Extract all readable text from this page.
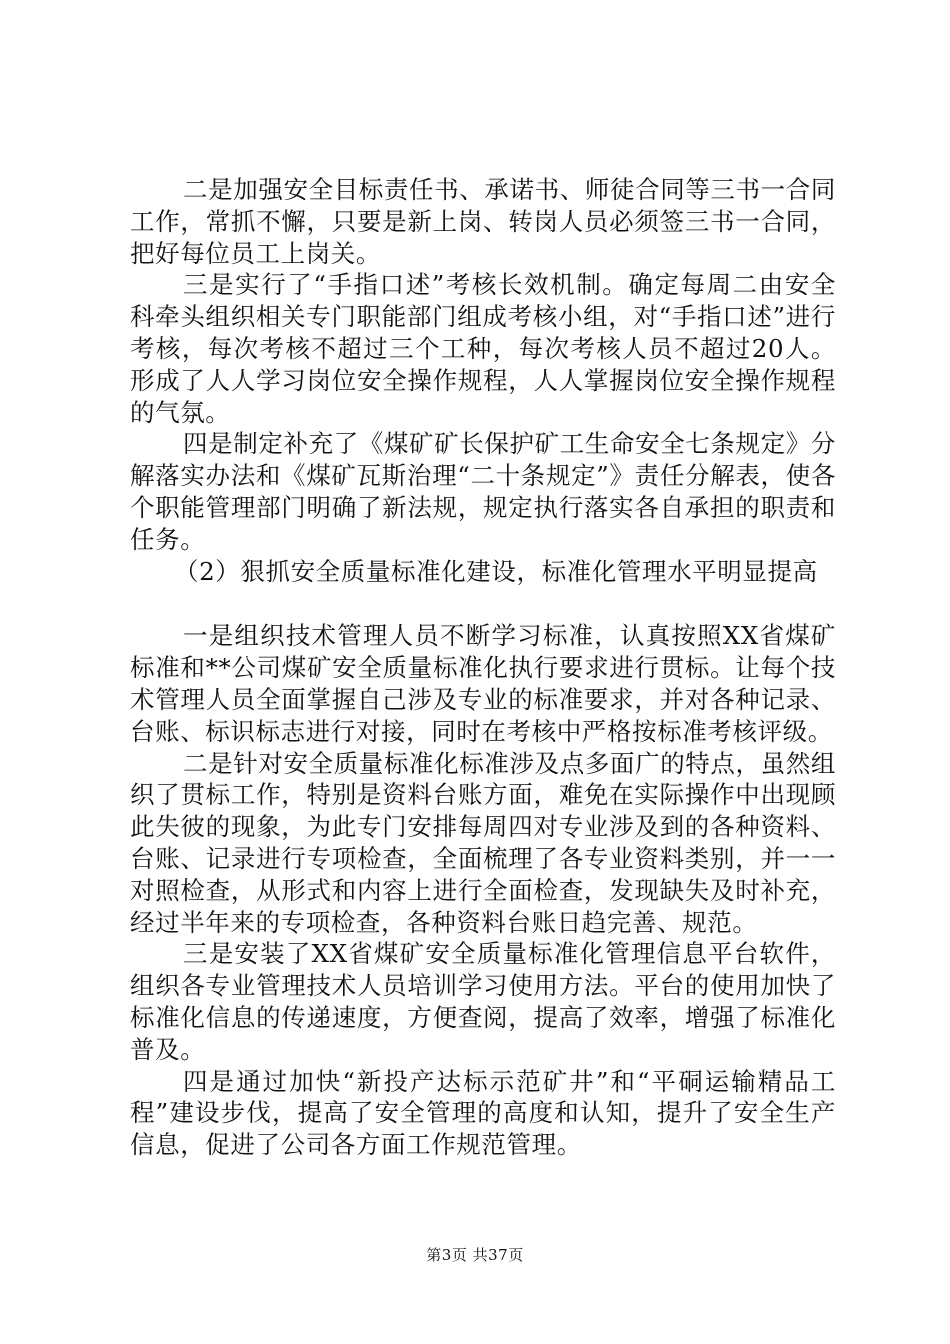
二是加强安全目标责任书、承诺书、师徒合同等三书一合同工作，常抓不懈，只要是新上岗、转岗人员必须签三书一合同，把好每位员工上岗关。

三是实行了“手指口述”考核长效机制。确定每周二由安全科牵头组织相关专门职能部门组成考核小组，对“手指口述”进行考核，每次考核不超过三个工种，每次考核人员不超过20人。形成了人人学习岗位安全操作规程，人人掌握岗位安全操作规程的气氛。

四是制定补充了《煤矿矿长保护矿工生命安全七条规定》分解落实办法和《煤矿瓦斯治理“二十条规定”》责任分解表，使各个职能管理部门明确了新法规，规定执行落实各自承担的职责和任务。

（2）狠抓安全质量标准化建设，标准化管理水平明显提高

一是组织技术管理人员不断学习标准，认真按照XX省煤矿标准和**公司煤矿安全质量标准化执行要求进行贯标。让每个技术管理人员全面掌握自己涉及专业的标准要求，并对各种记录、台账、标识标志进行对接，同时在考核中严格按标准考核评级。

二是针对安全质量标准化标准涉及点多面广的特点，虽然组织了贯标工作，特别是资料台账方面，难免在实际操作中出现顾此失彼的现象，为此专门安排每周四对专业涉及到的各种资料、台账、记录进行专项检查，全面梳理了各专业资料类别，并一一对照检查，从形式和内容上进行全面检查，发现缺失及时补充，经过半年来的专项检查，各种资料台账日趋完善、规范。

三是安装了XX省煤矿安全质量标准化管理信息平台软件，组织各专业管理技术人员培训学习使用方法。平台的使用加快了标准化信息的传递速度，方便查阅，提高了效率，增强了标准化普及。

四是通过加快“新投产达标示范矿井”和“平硐运输精品工程”建设步伐，提高了安全管理的高度和认知，提升了安全生产信息，促进了公司各方面工作规范管理。

第3页 共37页
